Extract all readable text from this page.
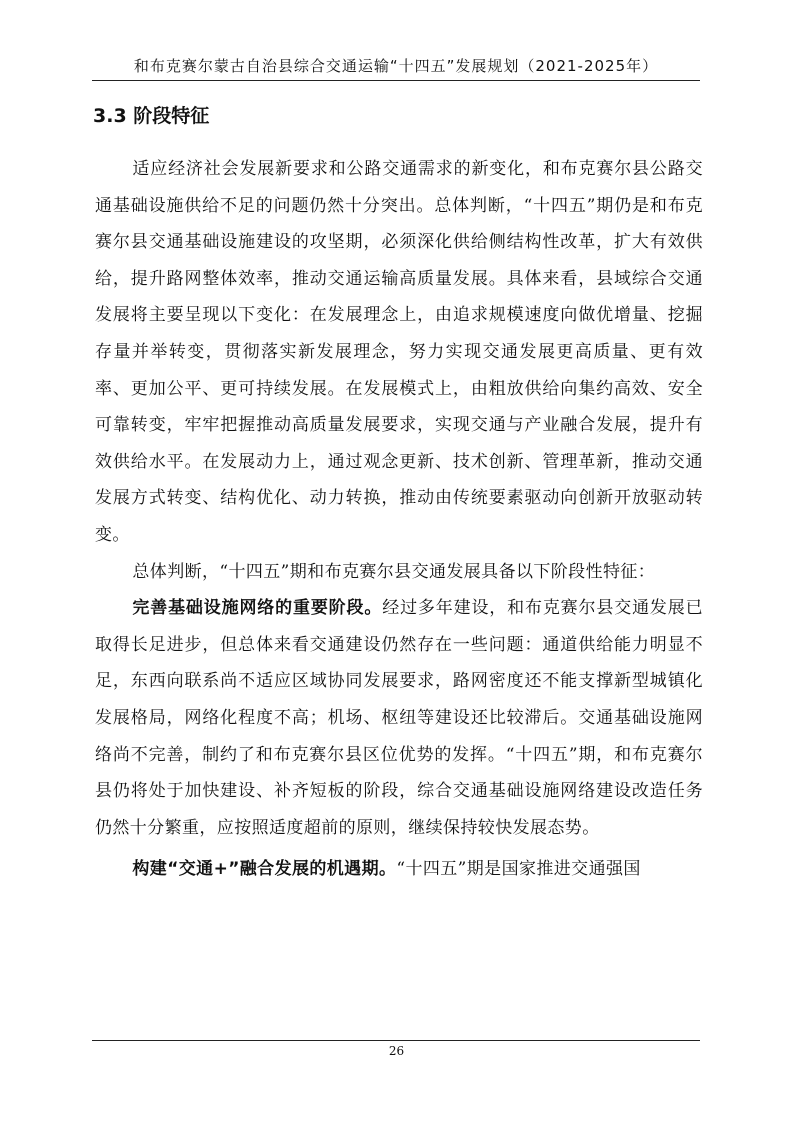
和布克赛尔蒙古自治县综合交通运输“十四五”发展规划（2021-2025年）
3.3 阶段特征

适应经济社会发展新要求和公路交通需求的新变化，和布克赛尔县公路交通基础设施供给不足的问题仍然十分突出。总体判断，“十四五”期仍是和布克赛尔县交通基础设施建设的攻坚期，必须深化供给侧结构性改革，扩大有效供给，提升路网整体效率，推动交通运输高质量发展。具体来看，县域综合交通发展将主要呈现以下变化：在发展理念上，由追求规模速度向做优增量、挖掘存量并举转变，贯彻落实新发展理念，努力实现交通发展更高质量、更有效率、更加公平、更可持续发展。在发展模式上，由粗放供给向集约高效、安全可靠转变，牢牢把握推动高质量发展要求，实现交通与产业融合发展，提升有效供给水平。在发展动力上，通过观念更新、技术创新、管理革新，推动交通发展方式转变、结构优化、动力转换，推动由传统要素驱动向创新开放驱动转变。

总体判断，“十四五”期和布克赛尔县交通发展具备以下阶段性特征：

完善基础设施网络的重要阶段。经过多年建设，和布克赛尔县交通发展已取得长足进步，但总体来看交通建设仍然存在一些问题：通道供给能力明显不足，东西向联系尚不适应区域协同发展要求，路网密度还不能支撑新型城镇化发展格局，网络化程度不高；机场、枢纽等建设还比较滞后。交通基础设施网络尚不完善，制约了和布克赛尔县区位优势的发挥。“十四五”期，和布克赛尔县仍将处于加快建设、补齐短板的阶段，综合交通基础设施网络建设改造任务仍然十分繁重，应按照适度超前的原则，继续保持较快发展态势。

构建“交通+”融合发展的机遇期。“十四五”期是国家推进交通强国

26
